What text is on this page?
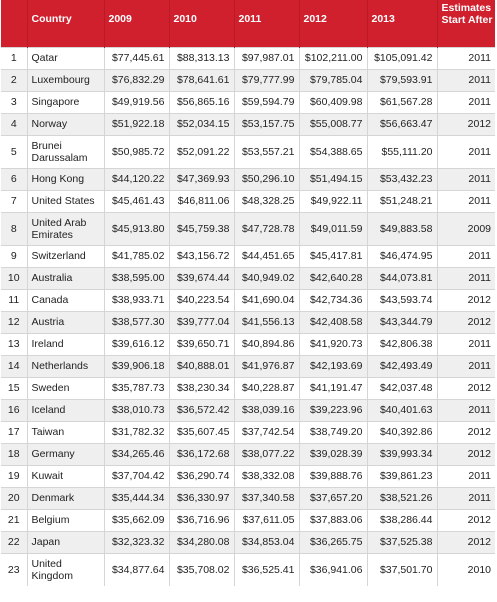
	Country	2009	2010	2011	2012	2013	Estimates Start After
1	Qatar	$77,445.61	$88,313.13	$97,987.01	$102,211.00	$105,091.42	2011
2	Luxembourg	$76,832.29	$78,641.61	$79,777.99	$79,785.04	$79,593.91	2011
3	Singapore	$49,919.56	$56,865.16	$59,594.79	$60,409.98	$61,567.28	2011
4	Norway	$51,922.18	$52,034.15	$53,157.75	$55,008.77	$56,663.47	2012
5	Brunei Darussalam	$50,985.72	$52,091.22	$53,557.21	$54,388.65	$55,111.20	2011
6	Hong Kong	$44,120.22	$47,369.93	$50,296.10	$51,494.15	$53,432.23	2011
7	United States	$45,461.43	$46,811.06	$48,328.25	$49,922.11	$51,248.21	2011
8	United Arab Emirates	$45,913.80	$45,759.38	$47,728.78	$49,011.59	$49,883.58	2009
9	Switzerland	$41,785.02	$43,156.72	$44,451.65	$45,417.81	$46,474.95	2011
10	Australia	$38,595.00	$39,674.44	$40,949.02	$42,640.28	$44,073.81	2011
11	Canada	$38,933.71	$40,223.54	$41,690.04	$42,734.36	$43,593.74	2012
12	Austria	$38,577.30	$39,777.04	$41,556.13	$42,408.58	$43,344.79	2012
13	Ireland	$39,616.12	$39,650.71	$40,894.86	$41,920.73	$42,806.38	2011
14	Netherlands	$39,906.18	$40,888.01	$41,976.87	$42,193.69	$42,493.49	2011
15	Sweden	$35,787.73	$38,230.34	$40,228.87	$41,191.47	$42,037.48	2012
16	Iceland	$38,010.73	$36,572.42	$38,039.16	$39,223.96	$40,401.63	2011
17	Taiwan	$31,782.32	$35,607.45	$37,742.54	$38,749.20	$40,392.86	2012
18	Germany	$34,265.46	$36,172.68	$38,077.22	$39,028.39	$39,993.34	2012
19	Kuwait	$37,704.42	$36,290.74	$38,332.08	$39,888.76	$39,861.23	2011
20	Denmark	$35,444.34	$36,330.97	$37,340.58	$37,657.20	$38,521.26	2011
21	Belgium	$35,662.09	$36,716.96	$37,611.05	$37,883.06	$38,286.44	2012
22	Japan	$32,323.32	$34,280.08	$34,853.04	$36,265.75	$37,525.38	2012
23	United Kingdom	$34,877.64	$35,708.02	$36,525.41	$36,941.06	$37,501.70	2010
